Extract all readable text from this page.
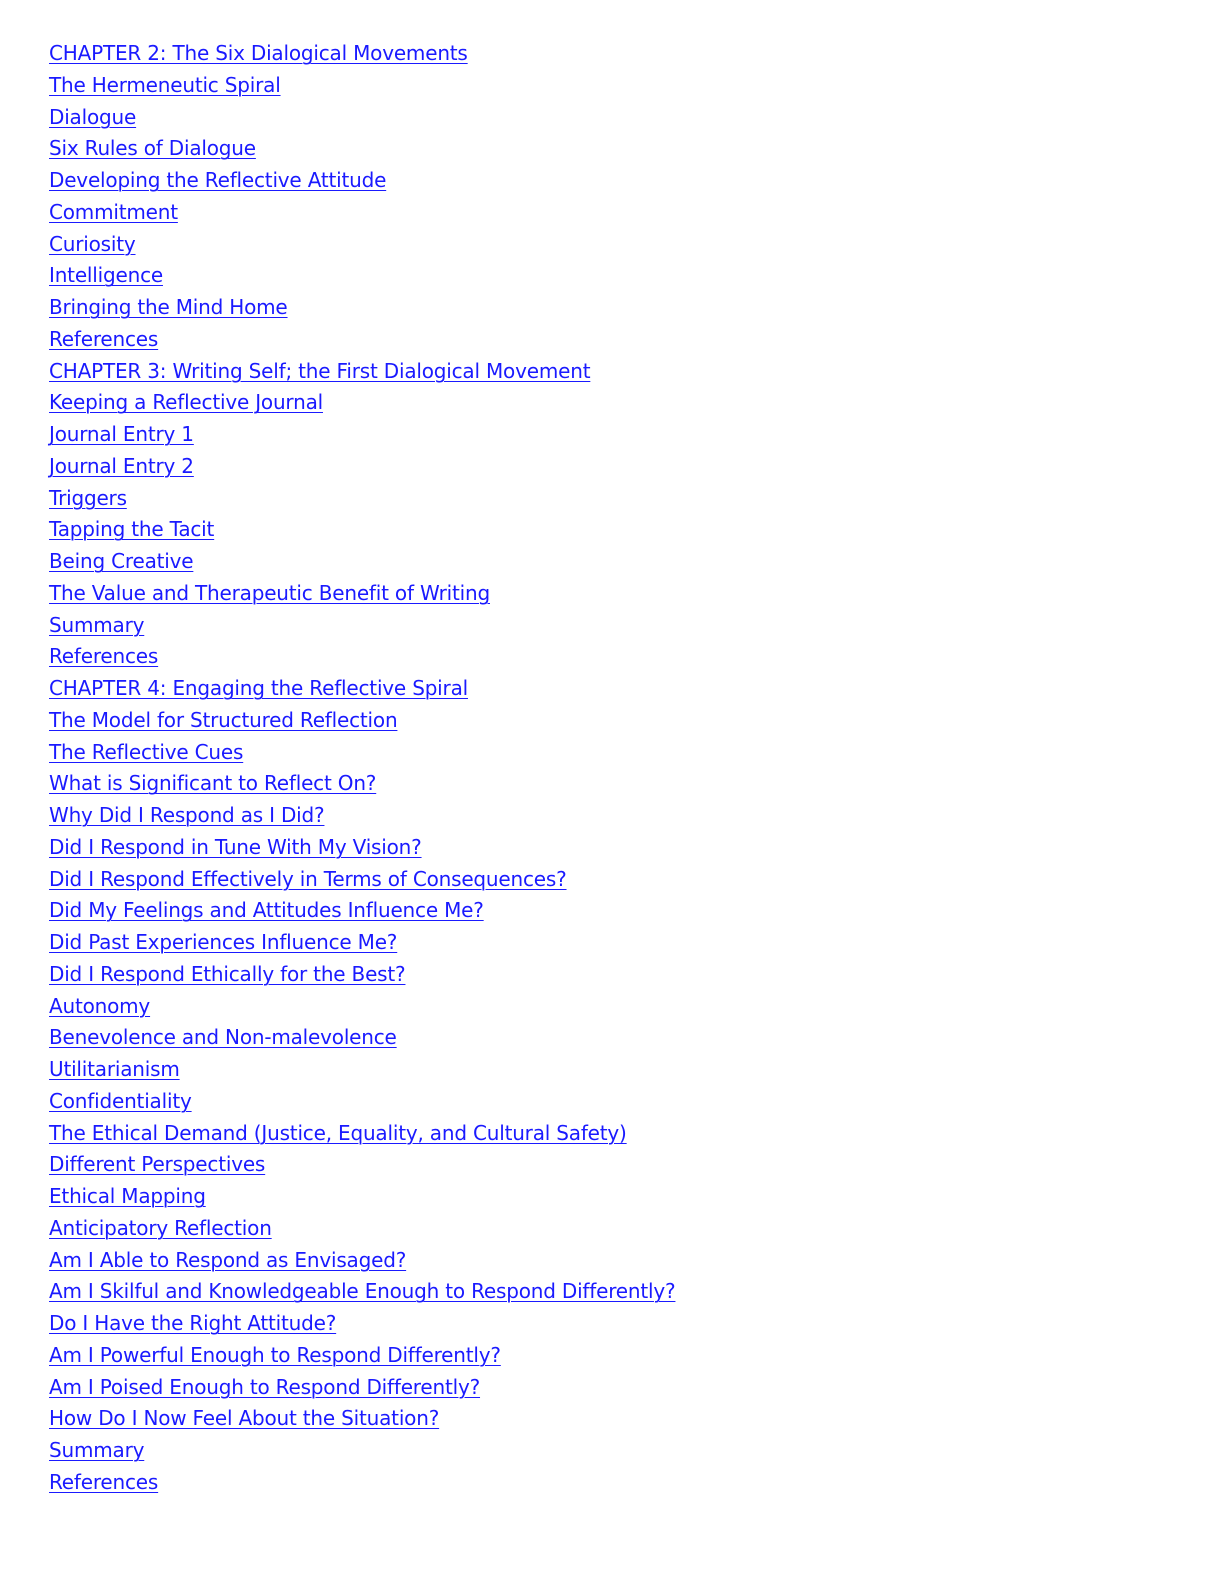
CHAPTER 2: The Six Dialogical Movements
The Hermeneutic Spiral
Dialogue
Six Rules of Dialogue
Developing the Reflective Attitude
Commitment
Curiosity
Intelligence
Bringing the Mind Home
References
CHAPTER 3: Writing Self; the First Dialogical Movement
Keeping a Reflective Journal
Journal Entry 1
Journal Entry 2
Triggers
Tapping the Tacit
Being Creative
The Value and Therapeutic Benefit of Writing
Summary
References
CHAPTER 4: Engaging the Reflective Spiral
The Model for Structured Reflection
The Reflective Cues
What is Significant to Reflect On?
Why Did I Respond as I Did?
Did I Respond in Tune With My Vision?
Did I Respond Effectively in Terms of Consequences?
Did My Feelings and Attitudes Influence Me?
Did Past Experiences Influence Me?
Did I Respond Ethically for the Best?
Autonomy
Benevolence and Non-malevolence
Utilitarianism
Confidentiality
The Ethical Demand (Justice, Equality, and Cultural Safety)
Different Perspectives
Ethical Mapping
Anticipatory Reflection
Am I Able to Respond as Envisaged?
Am I Skilful and Knowledgeable Enough to Respond Differently?
Do I Have the Right Attitude?
Am I Powerful Enough to Respond Differently?
Am I Poised Enough to Respond Differently?
How Do I Now Feel About the Situation?
Summary
References
